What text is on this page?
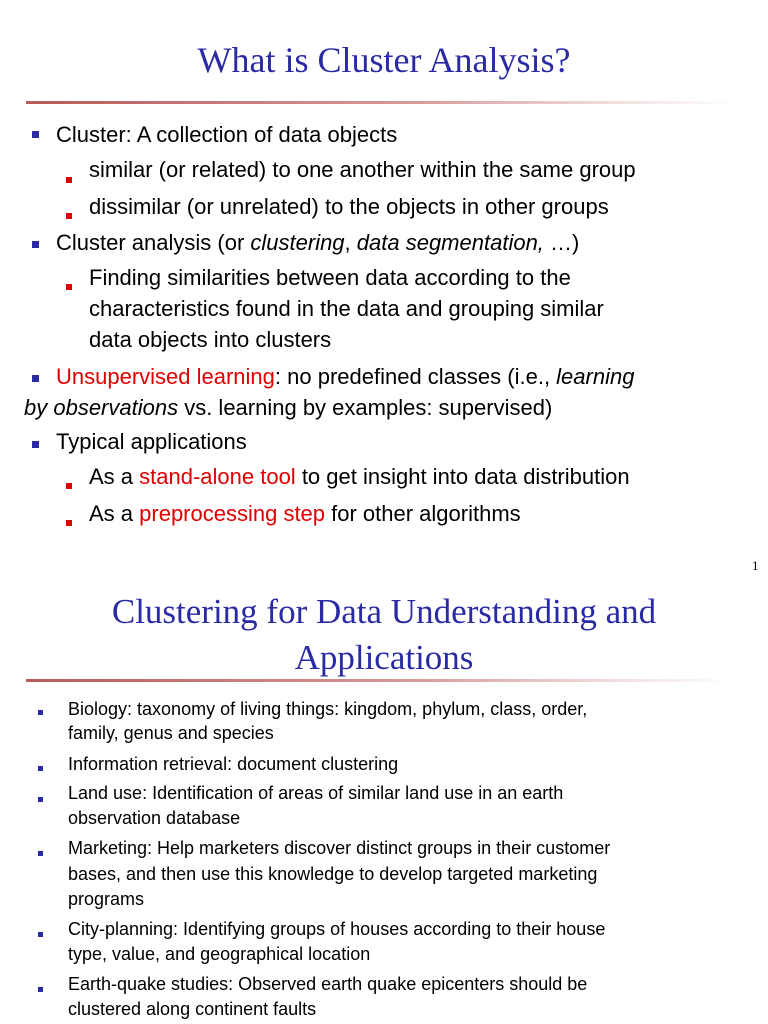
What is Cluster Analysis?
Cluster: A collection of data objects
similar (or related) to one another within the same group
dissimilar (or unrelated) to the objects in other groups
Cluster analysis (or clustering, data segmentation, …)
Finding similarities between data according to the
characteristics found in the data and grouping similar
data objects into clusters
Unsupervised learning: no predefined classes (i.e., learning
by observations vs. learning by examples: supervised)
Typical applications
As a stand-alone tool to get insight into data distribution
As a preprocessing step for other algorithms
1
Clustering for Data Understanding and
Applications
Biology: taxonomy of living things: kingdom, phylum, class, order,
family, genus and species
Information retrieval: document clustering
Land use: Identification of areas of similar land use in an earth
observation database
Marketing: Help marketers discover distinct groups in their customer
bases, and then use this knowledge to develop targeted marketing
programs
City-planning: Identifying groups of houses according to their house
type, value, and geographical location
Earth-quake studies: Observed earth quake epicenters should be
clustered along continent faults
